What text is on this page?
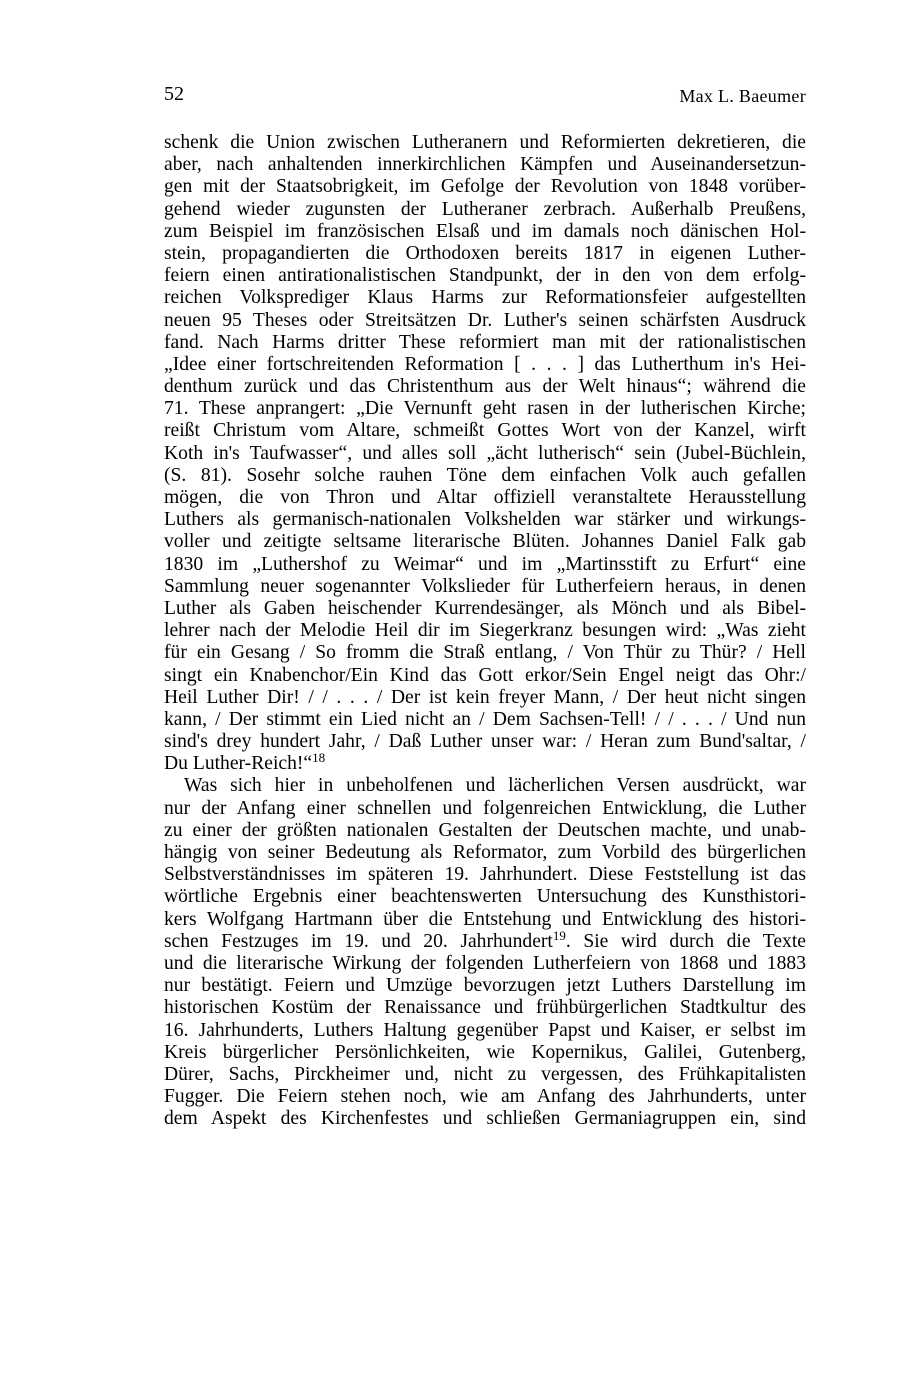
52	Max L. Baeumer
schenk die Union zwischen Lutheranern und Reformierten dekretieren, die
aber, nach anhaltenden innerkirchlichen Kämpfen und Auseinandersetzun-
gen mit der Staatsobrigkeit, im Gefolge der Revolution von 1848 vorüber-
gehend wieder zugunsten der Lutheraner zerbrach. Außerhalb Preußens,
zum Beispiel im französischen Elsaß und im damals noch dänischen Hol-
stein, propagandierten die Orthodoxen bereits 1817 in eigenen Luther-
feiern einen antirationalistischen Standpunkt, der in den von dem erfolg-
reichen Volksprediger Klaus Harms zur Reformationsfeier aufgestellten
neuen 95 Theses oder Streitsätzen Dr. Luther's seinen schärfsten Ausdruck
fand. Nach Harms dritter These reformiert man mit der rationalistischen
„Idee einer fortschreitenden Reformation [ . . . ] das Lutherthum in's Hei-
denthum zurück und das Christenthum aus der Welt hinaus“; während die
71. These anprangert: „Die Vernunft geht rasen in der lutherischen Kirche;
reißt Christum vom Altare, schmeißt Gottes Wort von der Kanzel, wirft
Koth in's Taufwasser“, und alles soll „ächt lutherisch“ sein (Jubel-Büchlein,
(S. 81). Sosehr solche rauhen Töne dem einfachen Volk auch gefallen
mögen, die von Thron und Altar offiziell veranstaltete Herausstellung
Luthers als germanisch-nationalen Volkshelden war stärker und wirkungs-
voller und zeitigte seltsame literarische Blüten. Johannes Daniel Falk gab
1830 im „Luthershof zu Weimar“ und im „Martinsstift zu Erfurt“ eine
Sammlung neuer sogenannter Volkslieder für Lutherfeiern heraus, in denen
Luther als Gaben heischender Kurrendesänger, als Mönch und als Bibel-
lehrer nach der Melodie Heil dir im Siegerkranz besungen wird: „Was zieht
für ein Gesang / So fromm die Straß entlang, / Von Thür zu Thür? / Hell
singt ein Knabenchor/Ein Kind das Gott erkor/Sein Engel neigt das Ohr:/
Heil Luther Dir! / / . . . / Der ist kein freyer Mann, / Der heut nicht singen
kann, / Der stimmt ein Lied nicht an / Dem Sachsen-Tell! / / . . . / Und nun
sind's drey hundert Jahr, / Daß Luther unser war: / Heran zum Bund'saltar, /
Du Luther-Reich!“$^{18}$
Was sich hier in unbeholfenen und lächerlichen Versen ausdrückt, war
nur der Anfang einer schnellen und folgenreichen Entwicklung, die Luther
zu einer der größten nationalen Gestalten der Deutschen machte, und unab-
hängig von seiner Bedeutung als Reformator, zum Vorbild des bürgerlichen
Selbstverständnisses im späteren 19. Jahrhundert. Diese Feststellung ist das
wörtliche Ergebnis einer beachtenswerten Untersuchung des Kunsthistori-
kers Wolfgang Hartmann über die Entstehung und Entwicklung des histori-
schen Festzuges im 19. und 20. Jahrhundert$^{19}$. Sie wird durch die Texte
und die literarische Wirkung der folgenden Lutherfeiern von 1868 und 1883
nur bestätigt. Feiern und Umzüge bevorzugen jetzt Luthers Darstellung im
historischen Kostüm der Renaissance und frühbürgerlichen Stadtkultur des
16. Jahrhunderts, Luthers Haltung gegenüber Papst und Kaiser, er selbst im
Kreis bürgerlicher Persönlichkeiten, wie Kopernikus, Galilei, Gutenberg,
Dürer, Sachs, Pirckheimer und, nicht zu vergessen, des Frühkapitalisten
Fugger. Die Feiern stehen noch, wie am Anfang des Jahrhunderts, unter
dem Aspekt des Kirchenfestes und schließen Germaniagruppen ein, sind
